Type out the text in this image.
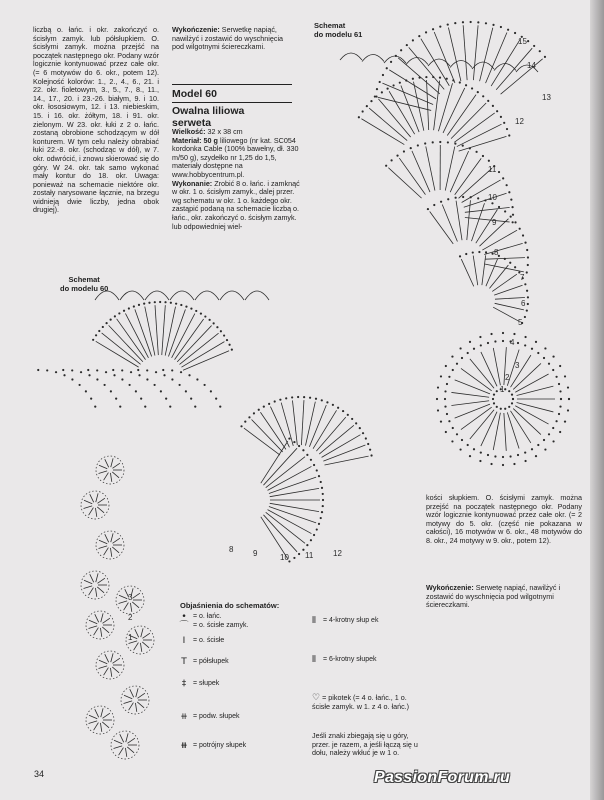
15
14
13
12
11
10
9
8
7
6
5
4
3
2
1
8 9	10 11 12
3
2
1

liczbą o. łańc. i okr. zakończyć o. ścisłym zamyk. lub półsłupkiem. O. ścisłymi zamyk. można przejść na początek następnego okr. Podany wzór logicznie kontynuować przez całe okr. (= 6 motywów do 6. okr., potem 12). Kolejność kolorów: 1., 2., 4., 6., 21. i 22. okr. fioletowym, 3., 5., 7., 8., 11., 14., 17., 20. i 23.-26. białym, 9. i 10. okr. łososiowym, 12. i 13. niebieskim, 15. i 16. okr. żółtym, 18. i 91. okr. zielonym. W 23. okr. łuki z 2 o. łańc. zostaną obrobione schodzącym w dół konturem. W tym celu należy obrabiać łuki 22.-8. okr. (schodząc w dół), w 7. okr. odwrócić, i znowu skierować się do góry. W 24. okr. tak samo wykonać mały kontur do 18. okr. Uwaga: ponieważ na schemacie niektóre okr. zostały narysowane łącznie, na brzegu widnieją dwie liczby, jedna obok drugiej).

Wykończenie: Serwetkę napiąć, nawilżyć i zostawić do wyschnięcia pod wilgotnymi ściereczkami.

Model 60
Owalna liliowa
serweta

Wielkość: 32 x 38 cm

Materiał: 50 g liliowego (nr kat. SC054 kordonka Cable (100% bawełny, dł. 330 m/50 g), szydełko nr 1,25 do 1,5, materiały dostępne na www.hobbycentrum.pl.

Wykonanie: Zrobić 8 o. łańc. i zamknąć w okr. 1 o. ścisłym zamyk., dalej przer. wg schematu w okr. 1 o. każdego okr. zastąpić podaną na schemacie liczbą o. łańc., okr. zakończyć o. ścisłym zamyk. lub odpowiedniej wiel-

Schemat
do modelu 61
Schemat
do modelu 60

kości słupkiem. O. ścisłymi zamyk. można przejść na początek następnego okr. Podany wzór logicznie kontynuować przez całe okr. (= 2 motywy do 5. okr. (część nie pokazana w całości), 16 motywów w 6. okr., 48 motywów do 8. okr., 24 motywy w 9. okr., potem 12).

Wykończenie: Serwetę napiąć, nawilżyć i zostawić do wyschnięcia pod wilgotnymi ściereczkami.

Objaśnienia do schematów:
• = o. łańc.
⌒ = o. ścisłe zamyk.
I	= o. ścisłe
T = półsłupek
‡ = słupek
⧺ = podw. słupek
⧻ = potrójny słupek
⦀	= 4-krotny słup ek
⦀	= 6-krotny słupek

♡ = pikotek (= 4 o. łańc., 1 o. ścisłe zamyk. w 1. z 4 o. łańc.)

Jeśli znaki zbiegają się u góry, przer. je razem, a jeśli łączą się u dołu, należy wkłuć je w 1 o.

34	PassionForum.ru
